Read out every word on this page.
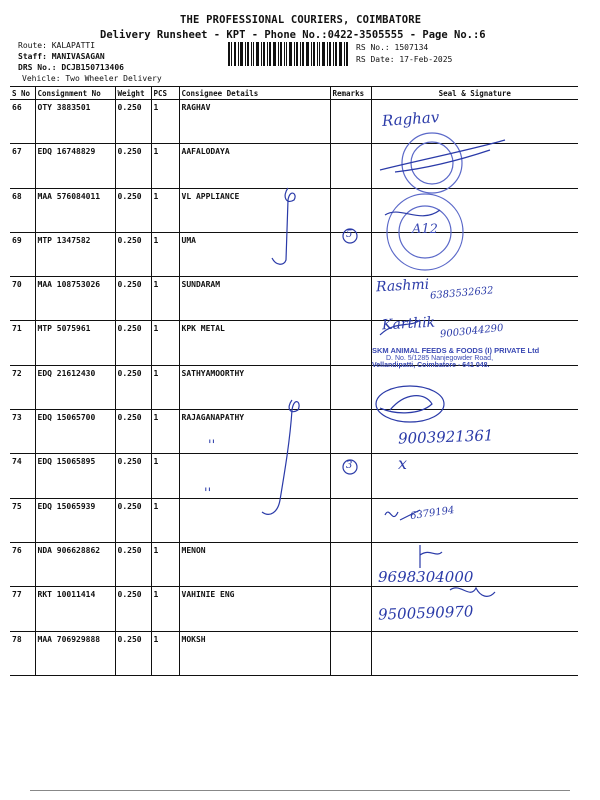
THE PROFESSIONAL COURIERS, COIMBATORE
Delivery Runsheet - KPT - Phone No.:0422-3505555 - Page No.:6
Route: KALAPATTI
Staff: MANIVASAGAN
DRS No.: DCJB150713406
Vehicle: Two Wheeler Delivery
RS No.: 1507134
RS Date: 17-Feb-2025
S No	Consignment No	Weight	PCS	Consignee Details	Remarks	Seal & Signature
66	OTY 3883501	0.250	1	RAGHAV		
67	EDQ 16748829	0.250	1	AAFALODAYA		
68	MAA 576084011	0.250	1	VL APPLIANCE		
69	MTP 1347582	0.250	1	UMA		
70	MAA 108753026	0.250	1	SUNDARAM		
71	MTP 5075961	0.250	1	KPK METAL		
72	EDQ 21612430	0.250	1	SATHYAMOORTHY		
73	EDQ 15065700	0.250	1	RAJAGANAPATHY		
74	EDQ 15065895	0.250	1			
75	EDQ 15065939	0.250	1			
76	NDA 906628862	0.250	1	MENON		
77	RKT 10011414	0.250	1	VAHINIE ENG		
78	MAA 706929888	0.250	1	MOKSH		
Raghav
A12
5
Rashmi 6383532632
Karthik 9003044290
SKM ANIMAL FEEDS & FOODS (I) PRIVATE Ltd
D. No. 5/1285 Nanjegowder Road,
Vellandipatti, Coimbatore - 641 048.
9003921361
''
3
''
x
6379194
9698304000
9500590970
